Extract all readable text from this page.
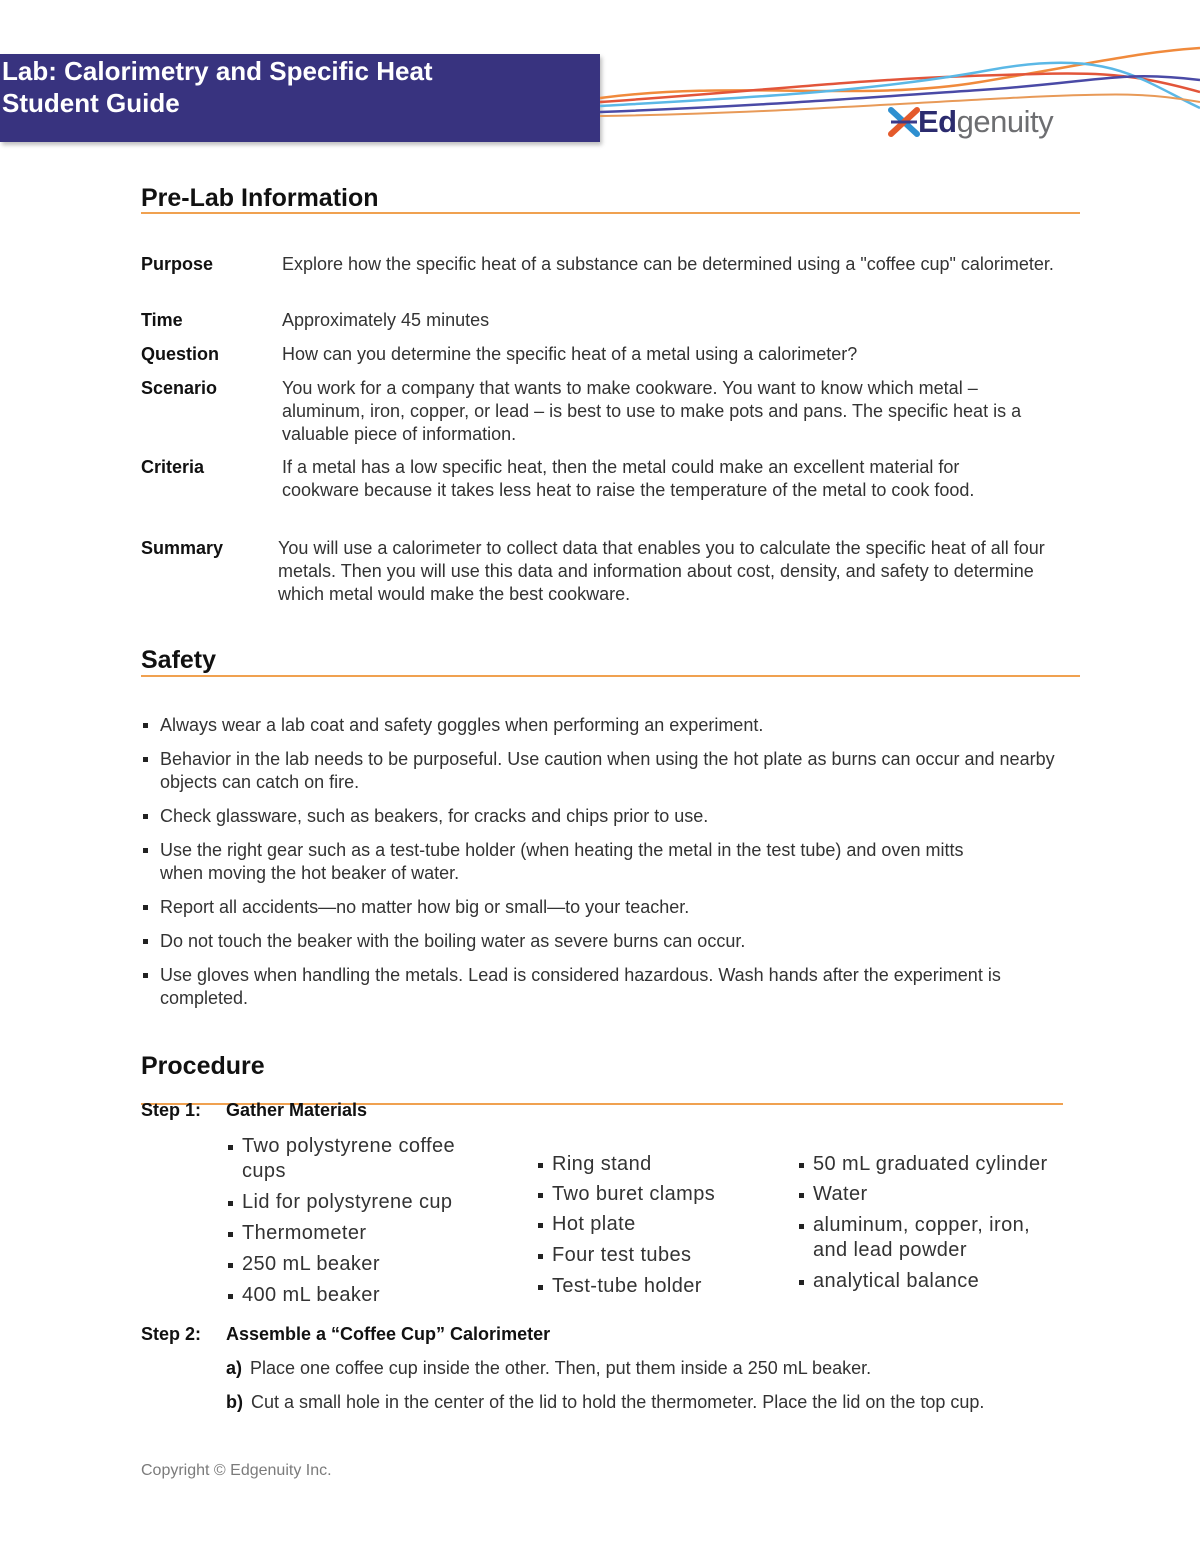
Lab: Calorimetry and Specific Heat
Student Guide
Edgenuity
Pre-Lab Information
Purpose	Explore how the specific heat of a substance can be determined using a "coffee cup" calorimeter.
Time	Approximately 45 minutes
Question	How can you determine the specific heat of a metal using a calorimeter?
Scenario	You work for a company that wants to make cookware. You want to know which metal – aluminum, iron, copper, or lead – is best to use to make pots and pans. The specific heat is a valuable piece of information.
Criteria	If a metal has a low specific heat, then the metal could make an excellent material for cookware because it takes less heat to raise the temperature of the metal to cook food.
Summary	You will use a calorimeter to collect data that enables you to calculate the specific heat of all four metals. Then you will use this data and information about cost, density, and safety to determine which metal would make the best cookware.
Safety
Always wear a lab coat and safety goggles when performing an experiment.
Behavior in the lab needs to be purposeful. Use caution when using the hot plate as burns can occur and nearby objects can catch on fire.
Check glassware, such as beakers, for cracks and chips prior to use.
Use the right gear such as a test-tube holder (when heating the metal in the test tube) and oven mitts when moving the hot beaker of water.
Report all accidents—no matter how big or small—to your teacher.
Do not touch the beaker with the boiling water as severe burns can occur.
Use gloves when handling the metals. Lead is considered hazardous. Wash hands after the experiment is completed.
Procedure
Step 1: Gather Materials
Two polystyrene coffee cups
Lid for polystyrene cup
Thermometer
250 mL beaker
400 mL beaker
Ring stand
Two buret clamps
Hot plate
Four test tubes
Test-tube holder
50 mL graduated cylinder
Water
aluminum, copper, iron, and lead powder
analytical balance
Step 2: Assemble a “Coffee Cup” Calorimeter
a) Place one coffee cup inside the other. Then, put them inside a 250 mL beaker.
b) Cut a small hole in the center of the lid to hold the thermometer. Place the lid on the top cup.
Copyright © Edgenuity Inc.
